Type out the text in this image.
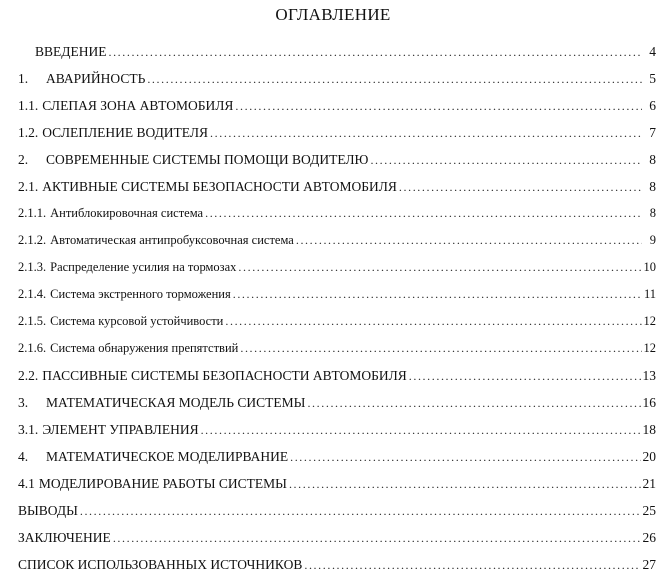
ОГЛАВЛЕНИЕ
ВВЕДЕНИЕ .....	4
1.	АВАРИЙНОСТЬ .....	5
1.1. СЛЕПАЯ ЗОНА АВТОМОБИЛЯ .....	6
1.2. ОСЛЕПЛЕНИЕ ВОДИТЕЛЯ .....	7
2.	СОВРЕМЕННЫЕ СИСТЕМЫ ПОМОЩИ ВОДИТЕЛЮ .....	8
2.1. АКТИВНЫЕ СИСТЕМЫ БЕЗОПАСНОСТИ АВТОМОБИЛЯ .....	8
2.1.1. Антиблокировочная система .....	8
2.1.2. Автоматическая антипробуксовочная система .....	9
2.1.3. Распределение усилия на тормозах .....	10
2.1.4. Система экстренного торможения .....	11
2.1.5. Система курсовой устойчивости .....	12
2.1.6. Система обнаружения препятствий .....	12
2.2. ПАССИВНЫЕ СИСТЕМЫ БЕЗОПАСНОСТИ АВТОМОБИЛЯ .....	13
3.	МАТЕМАТИЧЕСКАЯ МОДЕЛЬ СИСТЕМЫ .....	16
3.1. ЭЛЕМЕНТ УПРАВЛЕНИЯ .....	18
4.	МАТЕМАТИЧЕСКОЕ МОДЕЛИРВАНИЕ .....	20
4.1 МОДЕЛИРОВАНИЕ РАБОТЫ СИСТЕМЫ .....	21
ВЫВОДЫ .....	25
ЗАКЛЮЧЕНИЕ .....	26
СПИСОК ИСПОЛЬЗОВАННЫХ ИСТОЧНИКОВ .....	27
